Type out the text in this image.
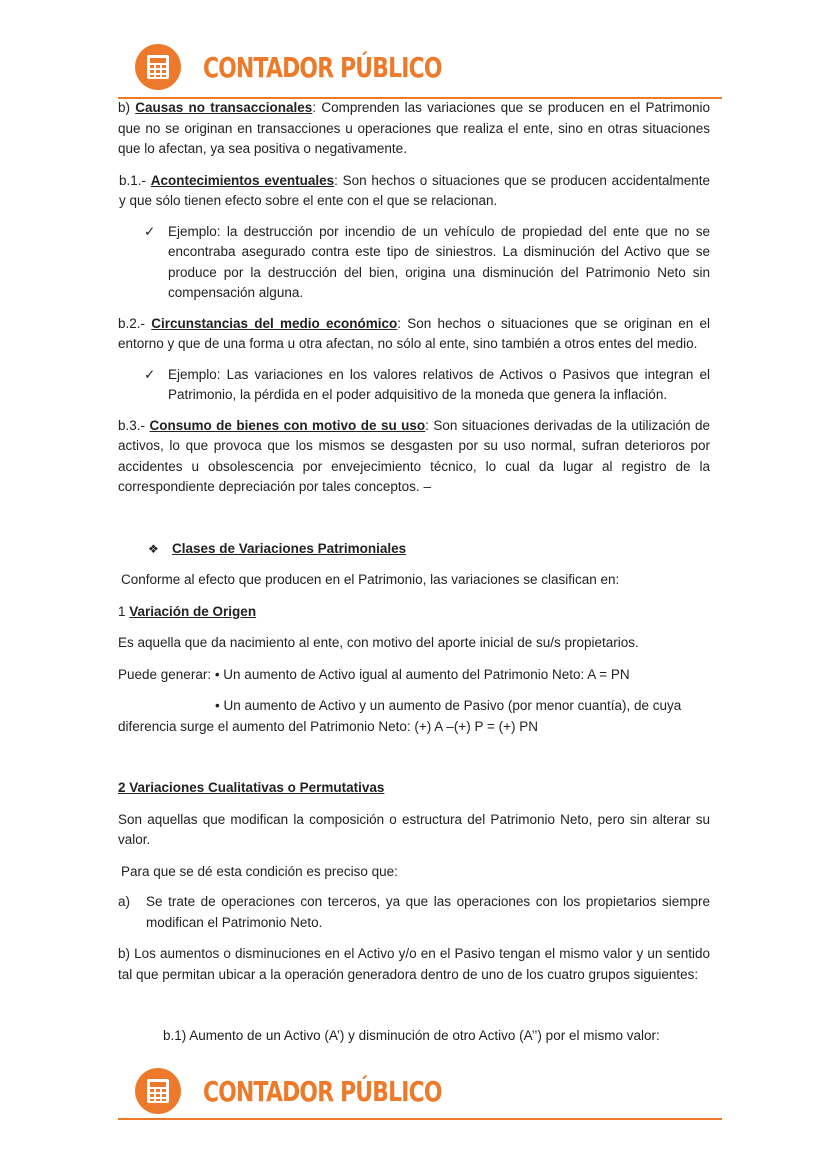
CONTADOR PÚBLICO

b) Causas no transaccionales: Comprenden las variaciones que se producen en el Patrimonio que no se originan en transacciones u operaciones que realiza el ente, sino en otras situaciones que lo afectan, ya sea positiva o negativamente.

b.1.- Acontecimientos eventuales: Son hechos o situaciones que se producen accidentalmente y que sólo tienen efecto sobre el ente con el que se relacionan.

✓ Ejemplo: la destrucción por incendio de un vehículo de propiedad del ente que no se encontraba asegurado contra este tipo de siniestros. La disminución del Activo que se produce por la destrucción del bien, origina una disminución del Patrimonio Neto sin compensación alguna.

b.2.- Circunstancias del medio económico: Son hechos o situaciones que se originan en el entorno y que de una forma u otra afectan, no sólo al ente, sino también a otros entes del medio.

✓ Ejemplo: Las variaciones en los valores relativos de Activos o Pasivos que integran el Patrimonio, la pérdida en el poder adquisitivo de la moneda que genera la inflación.

b.3.- Consumo de bienes con motivo de su uso: Son situaciones derivadas de la utilización de activos, lo que provoca que los mismos se desgasten por su uso normal, sufran deterioros por accidentes u obsolescencia por envejecimiento técnico, lo cual da lugar al registro de la correspondiente depreciación por tales conceptos. –

❖ Clases de Variaciones Patrimoniales

Conforme al efecto que producen en el Patrimonio, las variaciones se clasifican en:

1 Variación de Origen

Es aquella que da nacimiento al ente, con motivo del aporte inicial de su/s propietarios.

Puede generar: • Un aumento de Activo igual al aumento del Patrimonio Neto: A = PN

• Un aumento de Activo y un aumento de Pasivo (por menor cuantía), de cuya

diferencia surge el aumento del Patrimonio Neto: (+) A –(+) P = (+) PN

2 Variaciones Cualitativas o Permutativas

Son aquellas que modifican la composición o estructura del Patrimonio Neto, pero sin alterar su valor.

Para que se dé esta condición es preciso que:

a)	Se trate de operaciones con terceros, ya que las operaciones con los propietarios siempre modifican el Patrimonio Neto.

b) Los aumentos o disminuciones en el Activo y/o en el Pasivo tengan el mismo valor y un sentido tal que permitan ubicar a la operación generadora dentro de uno de los cuatro grupos siguientes:

b.1) Aumento de un Activo (A’) y disminución de otro Activo (A’’) por el mismo valor:

CONTADOR PÚBLICO
